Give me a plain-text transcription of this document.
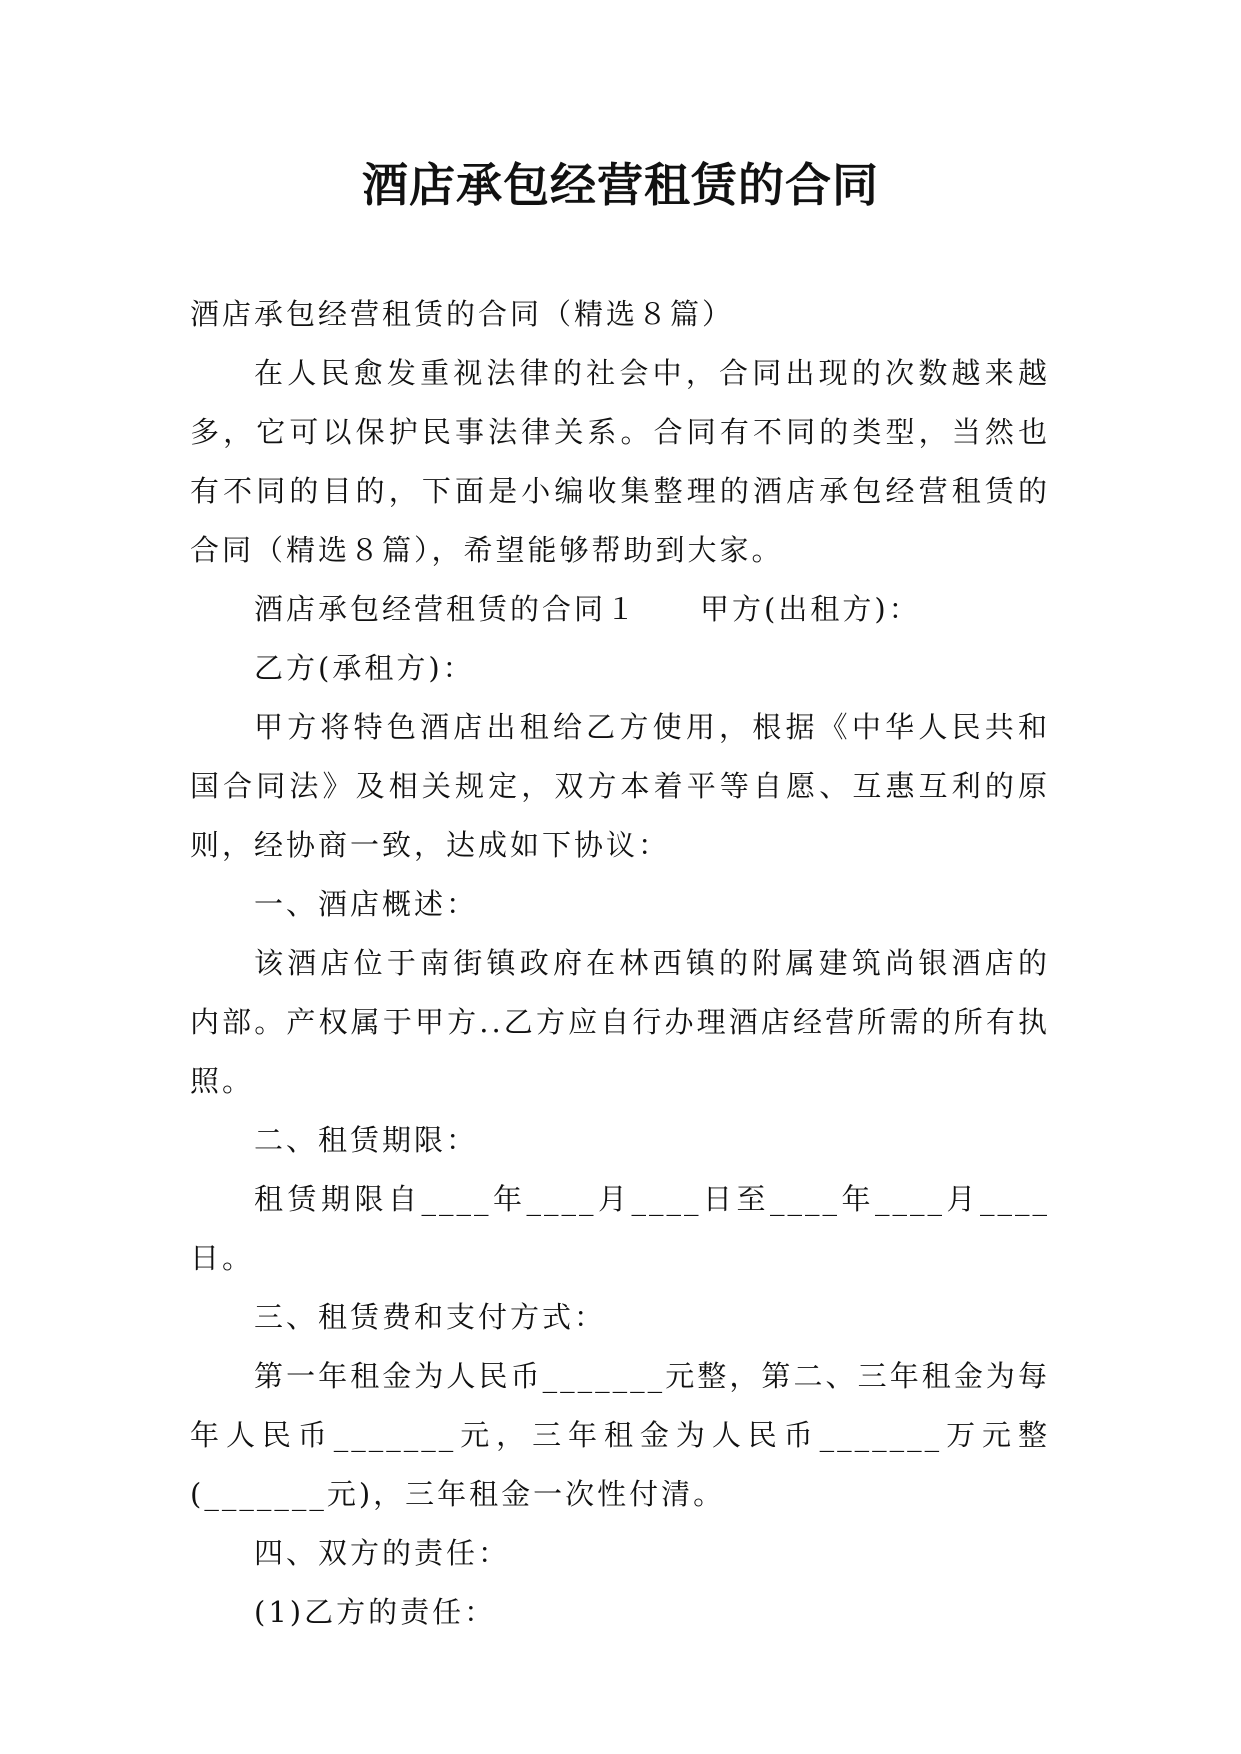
酒店承包经营租赁的合同

酒店承包经营租赁的合同（精选８篇）

在人民愈发重视法律的社会中，合同出现的次数越来越多，它可以保护民事法律关系。合同有不同的类型，当然也有不同的目的，下面是小编收集整理的酒店承包经营租赁的合同（精选８篇），希望能够帮助到大家。

酒店承包经营租赁的合同１ 甲方(出租方)：

乙方(承租方)：

甲方将特色酒店出租给乙方使用，根据《中华人民共和国合同法》及相关规定，双方本着平等自愿、互惠互利的原则，经协商一致，达成如下协议：

一、酒店概述：

该酒店位于南街镇政府在林西镇的附属建筑尚银酒店的内部。产权属于甲方..乙方应自行办理酒店经营所需的所有执照。

二、租赁期限：

租赁期限自____年____月____日至____年____月____日。

三、租赁费和支付方式：

第一年租金为人民币_______元整，第二、三年租金为每年人民币_______元，三年租金为人民币_______万元整(_______元)，三年租金一次性付清。

四、双方的责任：

(1)乙方的责任：
